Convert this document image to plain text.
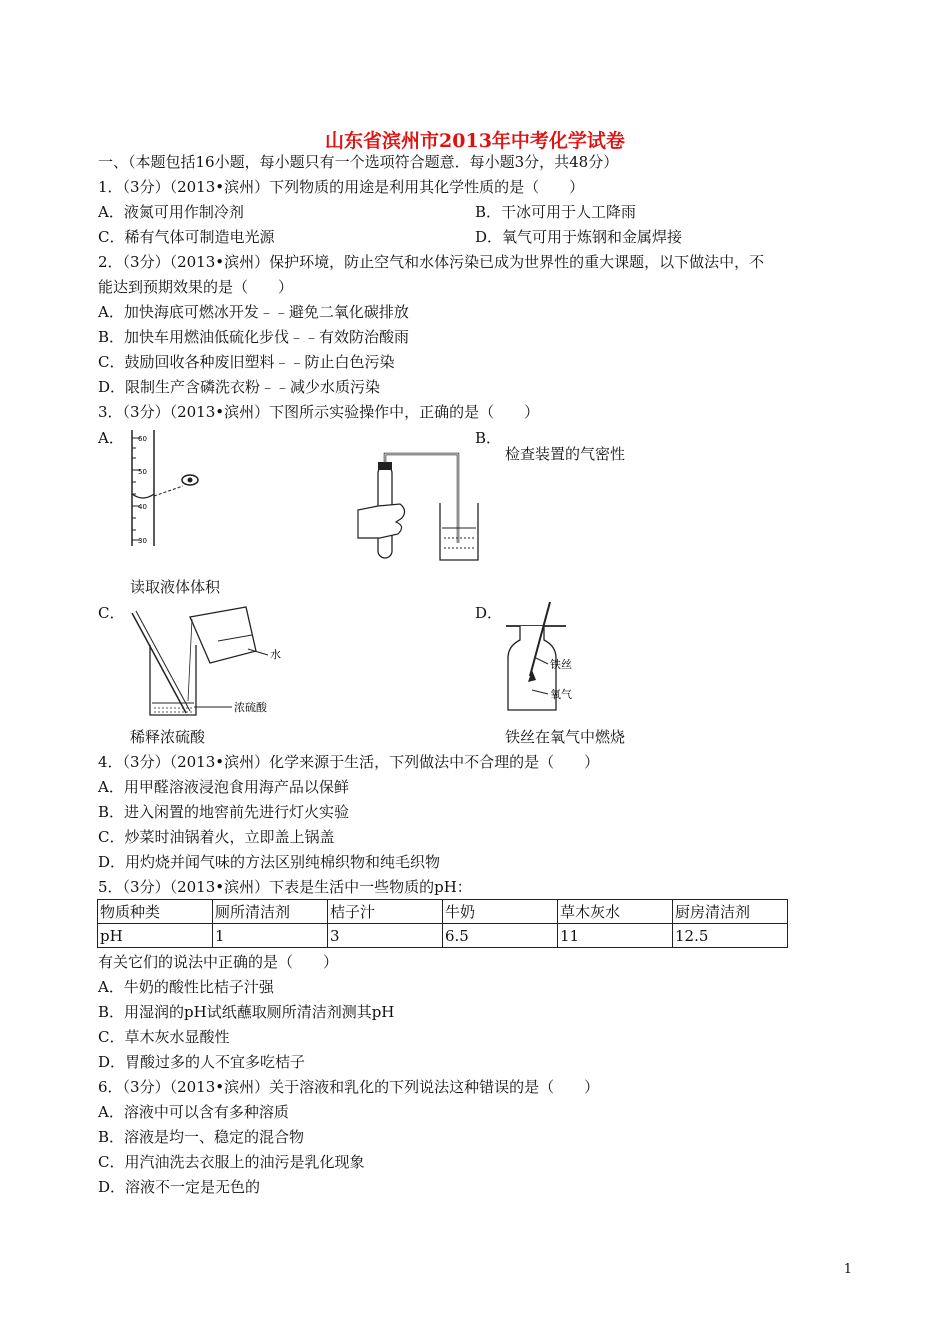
山东省滨州市2013年中考化学试卷
一、（本题包括16小题，每小题只有一个选项符合题意．每小题3分，共48分）
1．（3分）（2013•滨州）下列物质的用途是利用其化学性质的是（　　）
A．液氮可用作制冷剂	B．干冰可用于人工降雨
C．稀有气体可制造电光源	D．氧气可用于炼钢和金属焊接
2．（3分）（2013•滨州）保护环境，防止空气和水体污染已成为世界性的重大课题，以下做法中，不
能达到预期效果的是（　　）
A．加快海底可燃冰开发﹣﹣避免二氧化碳排放
B．加快车用燃油低硫化步伐﹣﹣有效防治酸雨
C．鼓励回收各种废旧塑料﹣﹣防止白色污染
D．限制生产含磷洗衣粉﹣﹣减少水质污染
3．（3分）（2013•滨州）下图所示实验操作中，正确的是（　　）
A．	B．
检查装置的气密性
60
50
40
30
读取液体体积
C．	D．
水
浓硫酸
铁丝
氧气
稀释浓硫酸	铁丝在氧气中燃烧
4．（3分）（2013•滨州）化学来源于生活，下列做法中不合理的是（　　）
A．用甲醛溶液浸泡食用海产品以保鲜
B．进入闲置的地窖前先进行灯火实验
C．炒菜时油锅着火，立即盖上锅盖
D．用灼烧并闻气味的方法区别纯棉织物和纯毛织物
5．（3分）（2013•滨州）下表是生活中一些物质的pH：
物质种类	厕所清洁剂	桔子汁	牛奶	草木灰水	厨房清洁剂
pH	1	3	6.5	11	12.5
有关它们的说法中正确的是（　　）
A．牛奶的酸性比桔子汁强
B．用湿润的pH试纸蘸取厕所清洁剂测其pH
C．草木灰水显酸性
D．胃酸过多的人不宜多吃桔子
6．（3分）（2013•滨州）关于溶液和乳化的下列说法这种错误的是（　　）
A．溶液中可以含有多种溶质
B．溶液是均一、稳定的混合物
C．用汽油洗去衣服上的油污是乳化现象
D．溶液不一定是无色的
1
